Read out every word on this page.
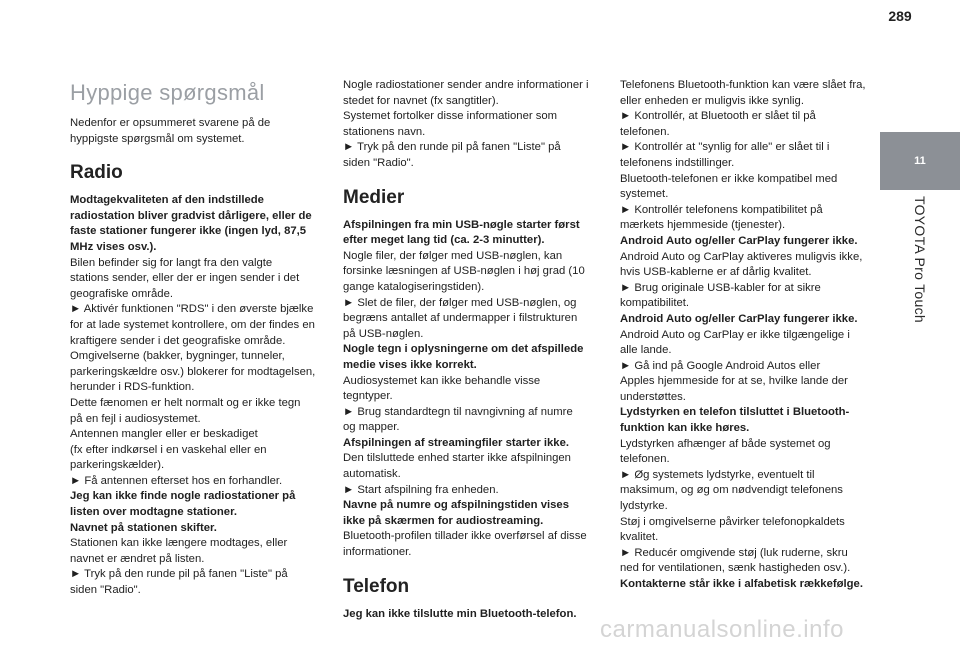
289
11
TOYOTA Pro Touch
Hyppige spørgsmål

Nedenfor er opsummeret svarene på de

hyppigste spørgsmål om systemet.

Radio

Modtagekvaliteten af den indstillede

radiostation bliver gradvist dårligere, eller de

faste stationer fungerer ikke (ingen lyd, 87,5

MHz vises osv.).

Bilen befinder sig for langt fra den valgte

stations sender, eller der er ingen sender i det

geografiske område.

► Aktivér funktionen "RDS" i den øverste bjælke

for at lade systemet kontrollere, om der findes en

kraftigere sender i det geografiske område.

Omgivelserne (bakker, bygninger, tunneler,

parkeringskældre osv.) blokerer for modtagelsen,

herunder i RDS-funktion.

Dette fænomen er helt normalt og er ikke tegn

på en fejl i audiosystemet.

Antennen mangler eller er beskadiget

(fx efter indkørsel i en vaskehal eller en

parkeringskælder).

► Få antennen efterset hos en forhandler.

Jeg kan ikke finde nogle radiostationer på

listen over modtagne stationer.

Navnet på stationen skifter.

Stationen kan ikke længere modtages, eller

navnet er ændret på listen.

► Tryk på den runde pil på fanen "Liste" på

siden "Radio".

Nogle radiostationer sender andre informationer i

stedet for navnet (fx sangtitler).

Systemet fortolker disse informationer som

stationens navn.

► Tryk på den runde pil på fanen "Liste" på

siden "Radio".

Medier

Afspilningen fra min USB-nøgle starter først

efter meget lang tid (ca. 2-3 minutter).

Nogle filer, der følger med USB-nøglen, kan

forsinke læsningen af USB-nøglen i høj grad (10

gange katalogiseringstiden).

► Slet de filer, der følger med USB-nøglen, og

begræns antallet af undermapper i filstrukturen

på USB-nøglen.

Nogle tegn i oplysningerne om det afspillede

medie vises ikke korrekt.

Audiosystemet kan ikke behandle visse

tegntyper.

► Brug standardtegn til navngivning af numre

og mapper.

Afspilningen af streamingfiler starter ikke.

Den tilsluttede enhed starter ikke afspilningen

automatisk.

► Start afspilning fra enheden.

Navne på numre og afspilningstiden vises

ikke på skærmen for audiostreaming.

Bluetooth-profilen tillader ikke overførsel af disse

informationer.

Telefon

Jeg kan ikke tilslutte min Bluetooth-telefon.

Telefonens Bluetooth-funktion kan være slået fra,

eller enheden er muligvis ikke synlig.

► Kontrollér, at Bluetooth er slået til på

telefonen.

► Kontrollér at "synlig for alle" er slået til i

telefonens indstillinger.

Bluetooth-telefonen er ikke kompatibel med

systemet.

► Kontrollér telefonens kompatibilitet på

mærkets hjemmeside (tjenester).

Android Auto og/eller CarPlay fungerer ikke.

Android Auto og CarPlay aktiveres muligvis ikke,

hvis USB-kablerne er af dårlig kvalitet.

► Brug originale USB-kabler for at sikre

kompatibilitet.

Android Auto og/eller CarPlay fungerer ikke.

Android Auto og CarPlay er ikke tilgængelige i

alle lande.

► Gå ind på Google Android Autos eller

Apples hjemmeside for at se, hvilke lande der

understøttes.

Lydstyrken en telefon tilsluttet i Bluetooth-

funktion kan ikke høres.

Lydstyrken afhænger af både systemet og

telefonen.

► Øg systemets lydstyrke, eventuelt til

maksimum, og øg om nødvendigt telefonens

lydstyrke.

Støj i omgivelserne påvirker telefonopkaldets

kvalitet.

► Reducér omgivende støj (luk ruderne, skru

ned for ventilationen, sænk hastigheden osv.).

Kontakterne står ikke i alfabetisk rækkefølge.

carmanualsonline.info
